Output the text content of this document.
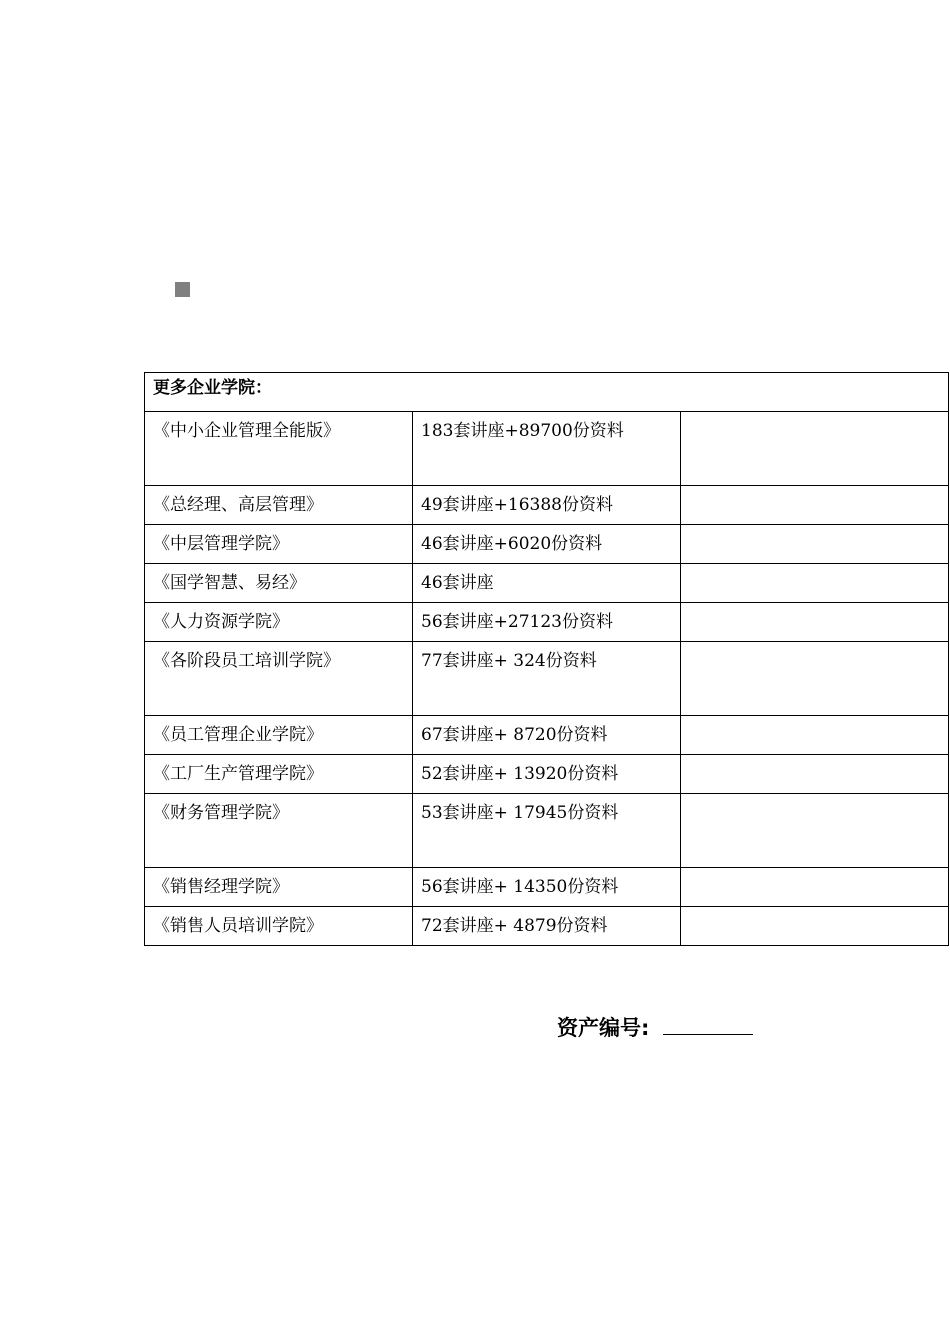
更多企业学院：		
《中小企业管理全能版》	183套讲座+89700份资料	
《总经理、高层管理》	49套讲座+16388份资料	
《中层管理学院》	46套讲座+6020份资料	
《国学智慧、易经》	46套讲座	
《人力资源学院》	56套讲座+27123份资料	
《各阶段员工培训学院》	77套讲座+ 324份资料	
《员工管理企业学院》	67套讲座+ 8720份资料	
《工厂生产管理学院》	52套讲座+ 13920份资料	
《财务管理学院》	53套讲座+ 17945份资料	
《销售经理学院》	56套讲座+ 14350份资料	
《销售人员培训学院》	72套讲座+ 4879份资料	
资产编号:
